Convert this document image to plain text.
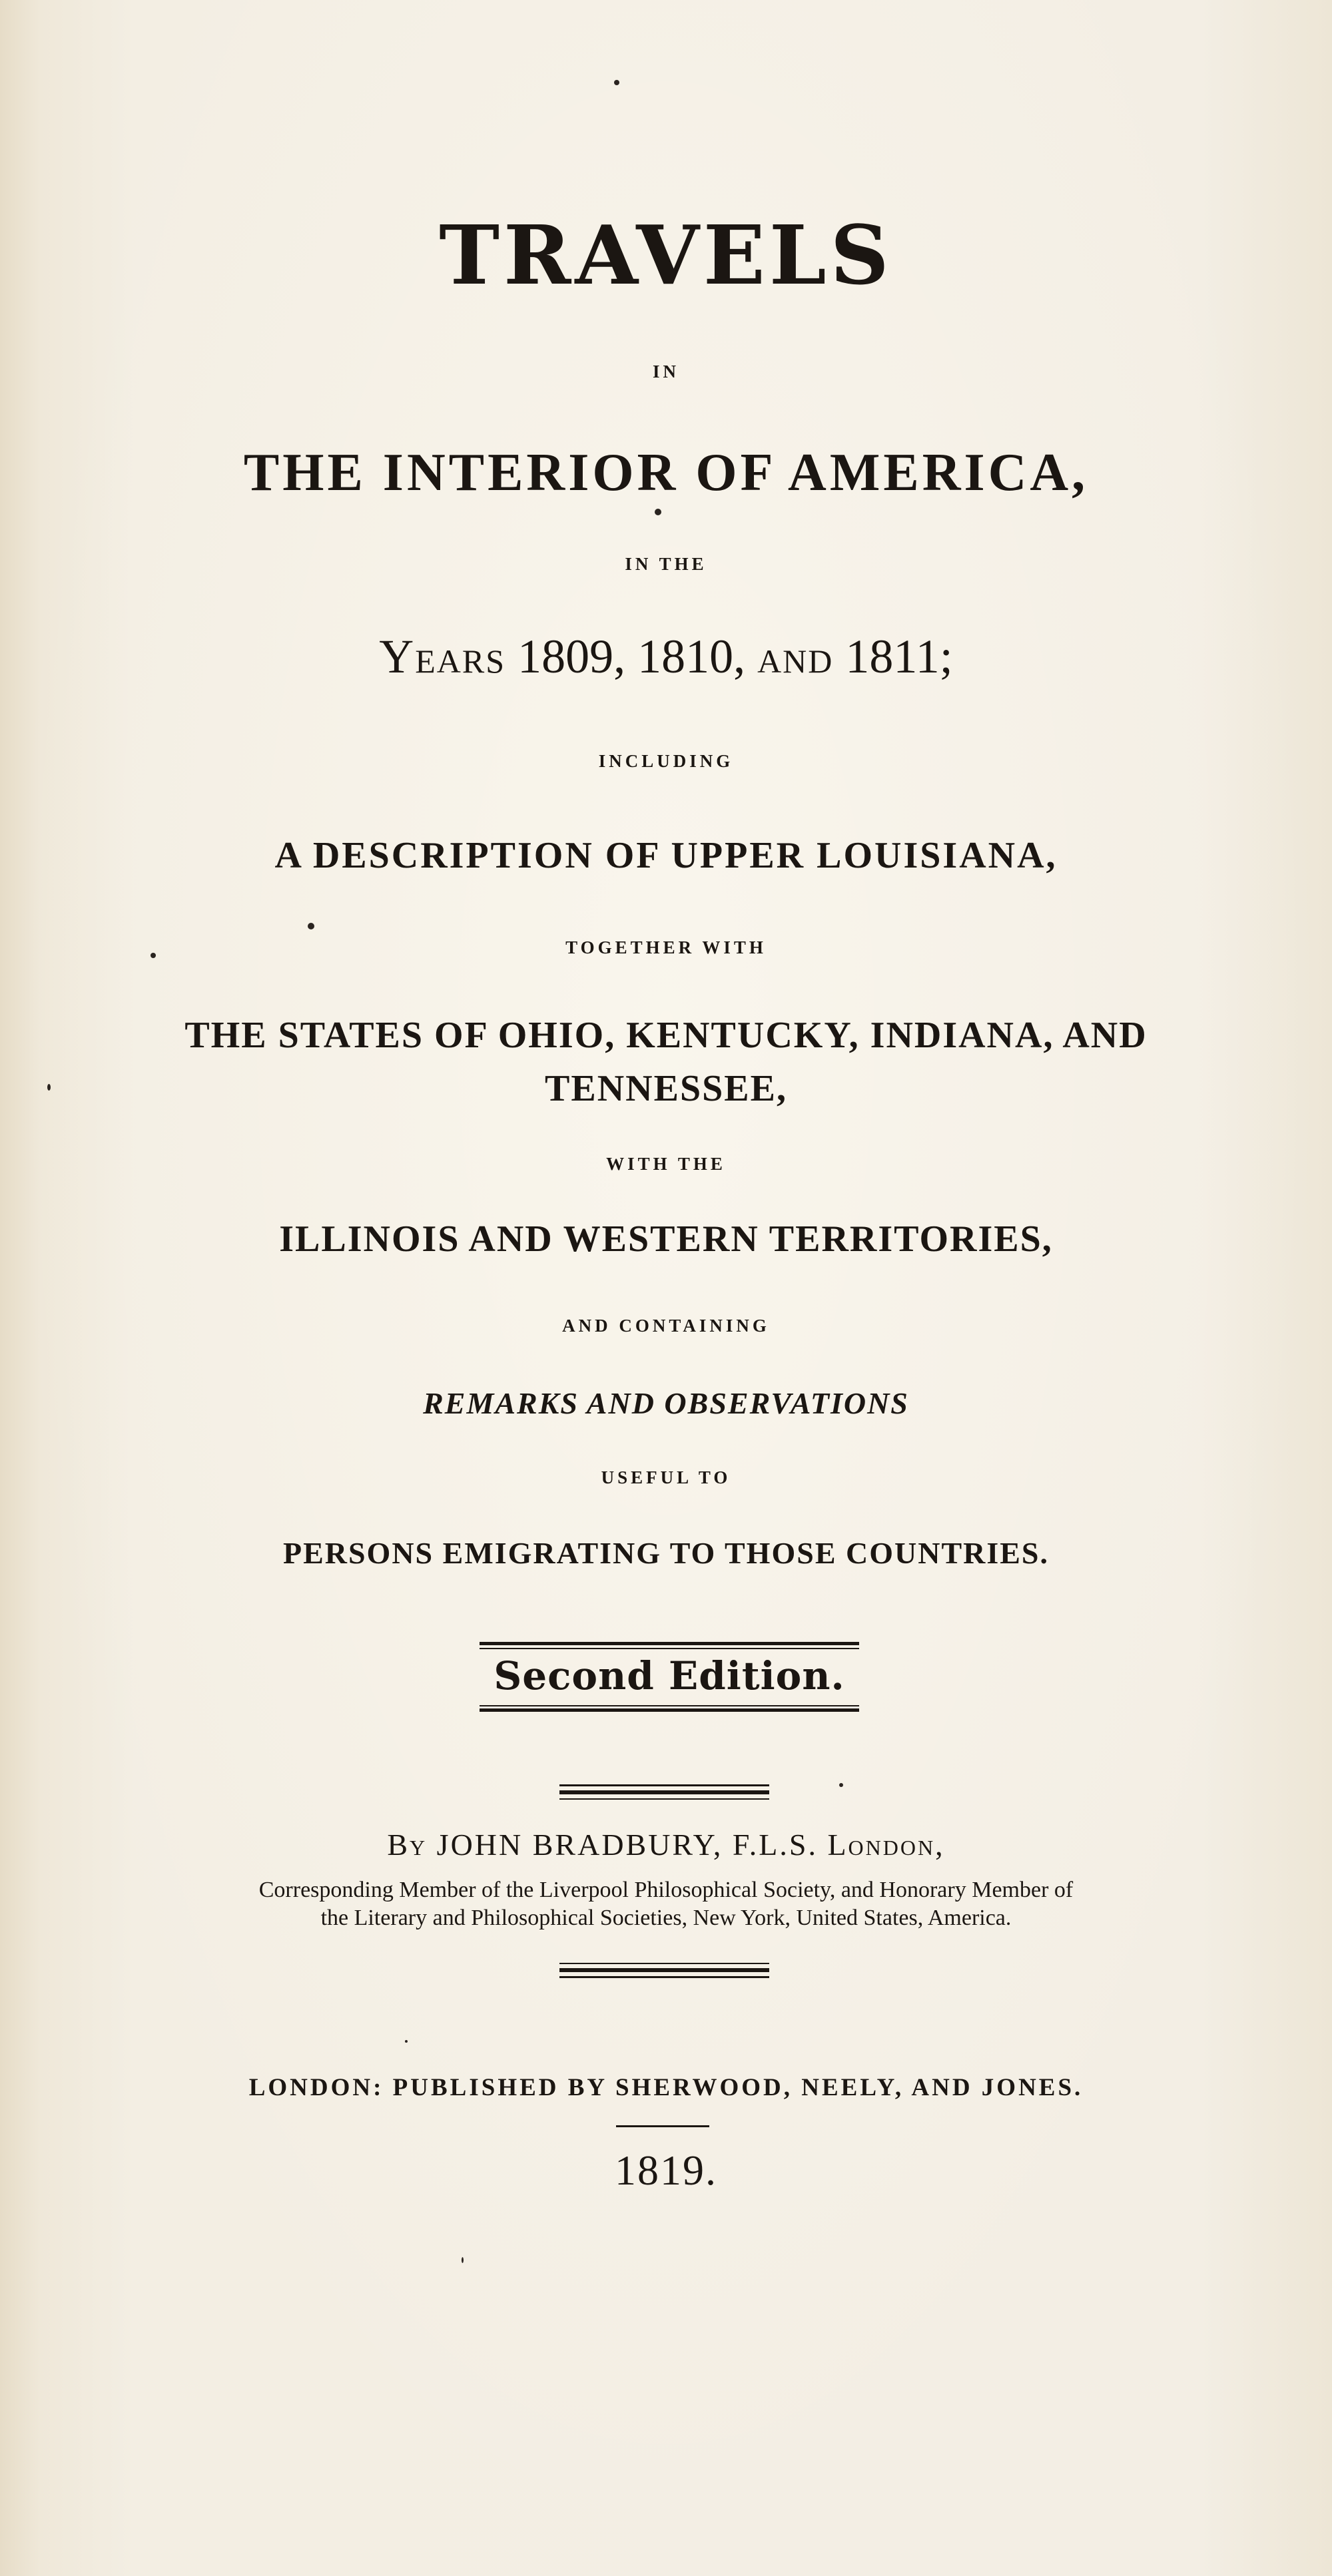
TRAVELS
IN
THE INTERIOR OF AMERICA,
IN THE
Years 1809, 1810, and 1811;
INCLUDING
A DESCRIPTION OF UPPER LOUISIANA,
TOGETHER WITH
THE STATES OF OHIO, KENTUCKY, INDIANA, AND
TENNESSEE,
WITH THE
ILLINOIS AND WESTERN TERRITORIES,
AND CONTAINING
REMARKS AND OBSERVATIONS
USEFUL TO
PERSONS EMIGRATING TO THOSE COUNTRIES.
Second Edition.
By JOHN BRADBURY, F.L.S. London,
Corresponding Member of the Liverpool Philosophical Society, and Honorary Member of
the Literary and Philosophical Societies, New York, United States, America.
LONDON: PUBLISHED BY SHERWOOD, NEELY, AND JONES.
1819.
